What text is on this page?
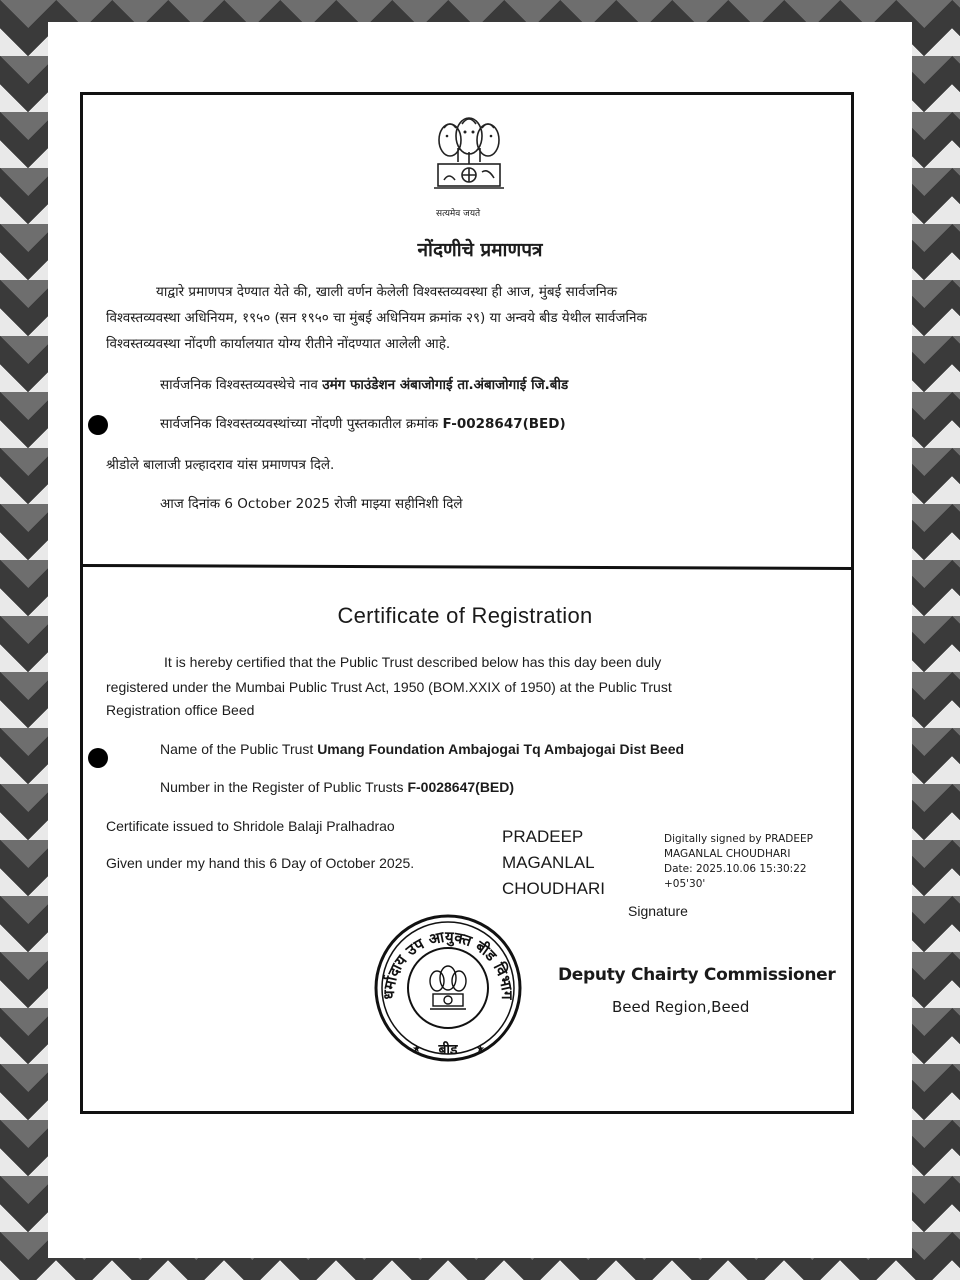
सत्यमेव जयते
नोंदणीचे प्रमाणपत्र
याद्वारे प्रमाणपत्र देण्यात येते की, खाली वर्णन केलेली विश्वस्तव्यवस्था ही आज, मुंबई सार्वजनिक
विश्वस्तव्यवस्था अधिनियम, १९५० (सन १९५० चा मुंबई अधिनियम क्रमांक २९) या अन्वये बीड येथील सार्वजनिक
विश्वस्तव्यवस्था नोंदणी कार्यालयात योग्य रीतीने नोंदण्यात आलेली आहे.
सार्वजनिक विश्वस्तव्यवस्थेचे नाव उमंग फाउंडेशन अंबाजोगाई ता.अंबाजोगाई जि.बीड
सार्वजनिक विश्वस्तव्यवस्थांच्या नोंदणी पुस्तकातील क्रमांक F-0028647(BED)
श्रीडोले बालाजी प्रल्हादराव यांस प्रमाणपत्र दिले.
आज दिनांक 6 October 2025 रोजी माझ्या सहीनिशी दिले
Certificate of Registration
It is hereby certified that the Public Trust described below has this day been duly
registered under the Mumbai Public Trust Act, 1950 (BOM.XXIX of 1950) at the Public Trust
Registration office Beed
Name of the Public Trust Umang Foundation Ambajogai Tq Ambajogai Dist Beed
Number in the Register of Public Trusts F-0028647(BED)
Certificate issued to Shridole Balaji Pralhadrao
Given under my hand this 6 Day of October 2025.
PRADEEP
MAGANLAL
CHOUDHARI
Digitally signed by PRADEEP
MAGANLAL CHOUDHARI
Date: 2025.10.06 15:30:22
+05'30'
Signature
धर्मादाय उप आयुक्त बीड विभाग
बीड
★	★
Deputy Chairty Commissioner
Beed Region,Beed
